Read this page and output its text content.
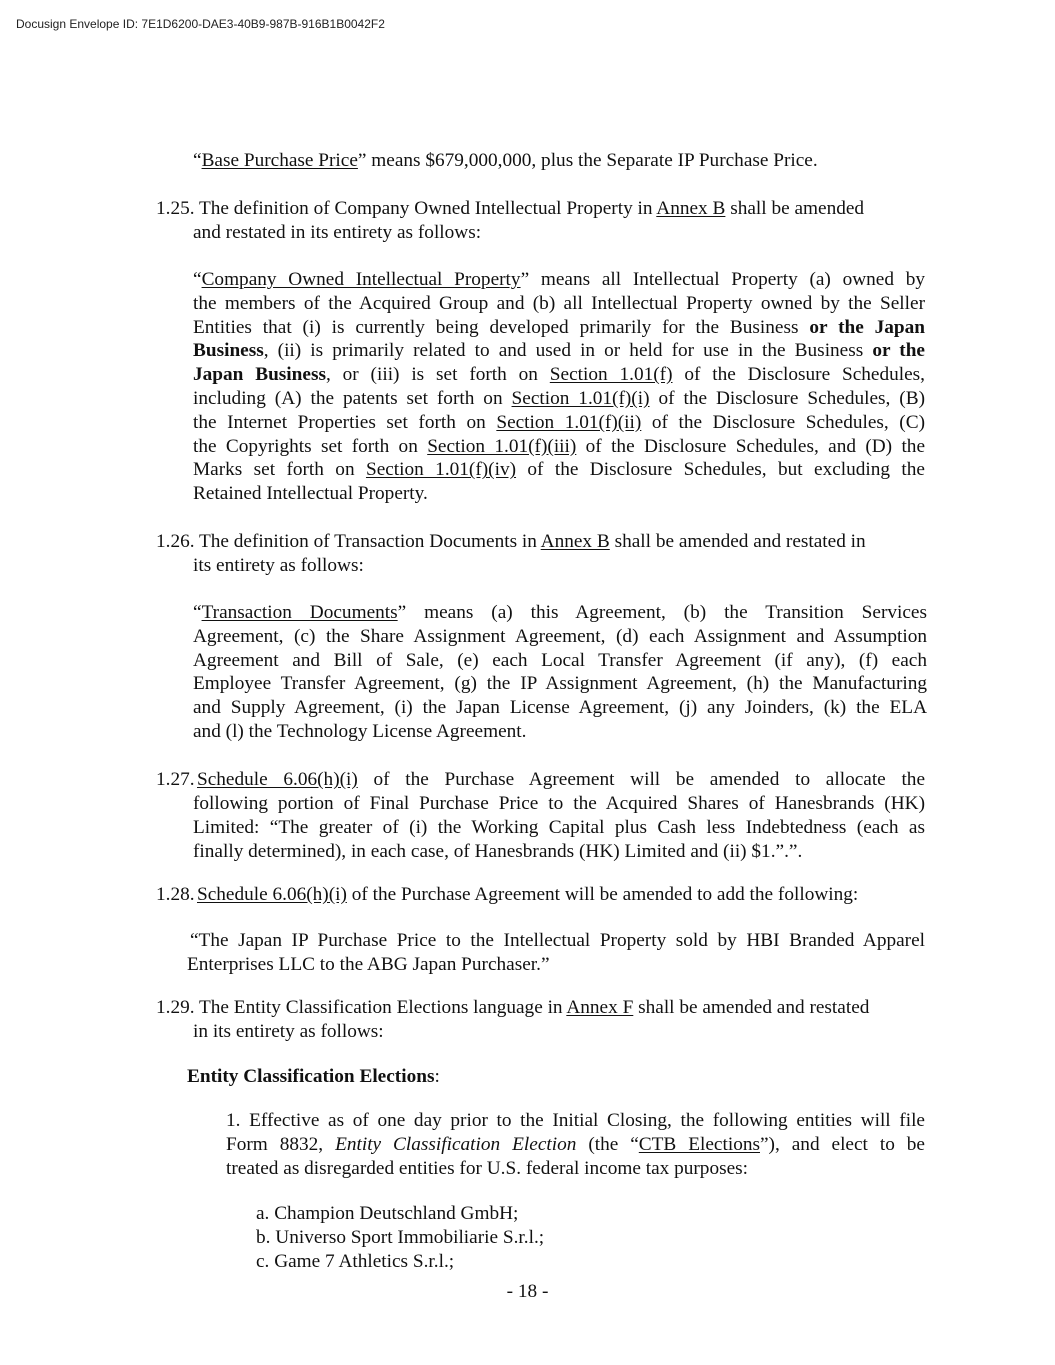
Docusign Envelope ID: 7E1D6200-DAE3-40B9-987B-916B1B0042F2
“Base Purchase Price” means $679,000,000, plus the Separate IP Purchase Price.
1.25. The definition of Company Owned Intellectual Property in Annex B shall be amended
and restated in its entirety as follows:
“Company Owned Intellectual Property” means all Intellectual Property (a) owned by
the members of the Acquired Group and (b) all Intellectual Property owned by the Seller
Entities that (i) is currently being developed primarily for the Business or the Japan
Business, (ii) is primarily related to and used in or held for use in the Business or the
Japan Business, or (iii) is set forth on Section 1.01(f) of the Disclosure Schedules,
including (A) the patents set forth on Section 1.01(f)(i) of the Disclosure Schedules, (B)
the Internet Properties set forth on Section 1.01(f)(ii) of the Disclosure Schedules, (C)
the Copyrights set forth on Section 1.01(f)(iii) of the Disclosure Schedules, and (D) the
Marks set forth on Section 1.01(f)(iv) of the Disclosure Schedules, but excluding the
Retained Intellectual Property.
1.26. The definition of Transaction Documents in Annex B shall be amended and restated in
its entirety as follows:
“Transaction Documents” means (a) this Agreement, (b) the Transition Services
Agreement, (c) the Share Assignment Agreement, (d) each Assignment and Assumption
Agreement and Bill of Sale, (e) each Local Transfer Agreement (if any), (f) each
Employee Transfer Agreement, (g) the IP Assignment Agreement, (h) the Manufacturing
and Supply Agreement, (i) the Japan License Agreement, (j) any Joinders, (k) the ELA
and (l) the Technology License Agreement.
1.27. Schedule 6.06(h)(i) of the Purchase Agreement will be amended to allocate the
following portion of Final Purchase Price to the Acquired Shares of Hanesbrands (HK)
Limited: “The greater of (i) the Working Capital plus Cash less Indebtedness (each as
finally determined), in each case, of Hanesbrands (HK) Limited and (ii) $1.”.”.
1.28. Schedule 6.06(h)(i) of the Purchase Agreement will be amended to add the following:
“The Japan IP Purchase Price to the Intellectual Property sold by HBI Branded Apparel
Enterprises LLC to the ABG Japan Purchaser.”
1.29. The Entity Classification Elections language in Annex F shall be amended and restated
in its entirety as follows:
Entity Classification Elections:
1. Effective as of one day prior to the Initial Closing, the following entities will file
Form 8832, Entity Classification Election (the “CTB Elections”), and elect to be
treated as disregarded entities for U.S. federal income tax purposes:
a. Champion Deutschland GmbH;
b. Universo Sport Immobiliarie S.r.l.;
c. Game 7 Athletics S.r.l.;
- 18 -
